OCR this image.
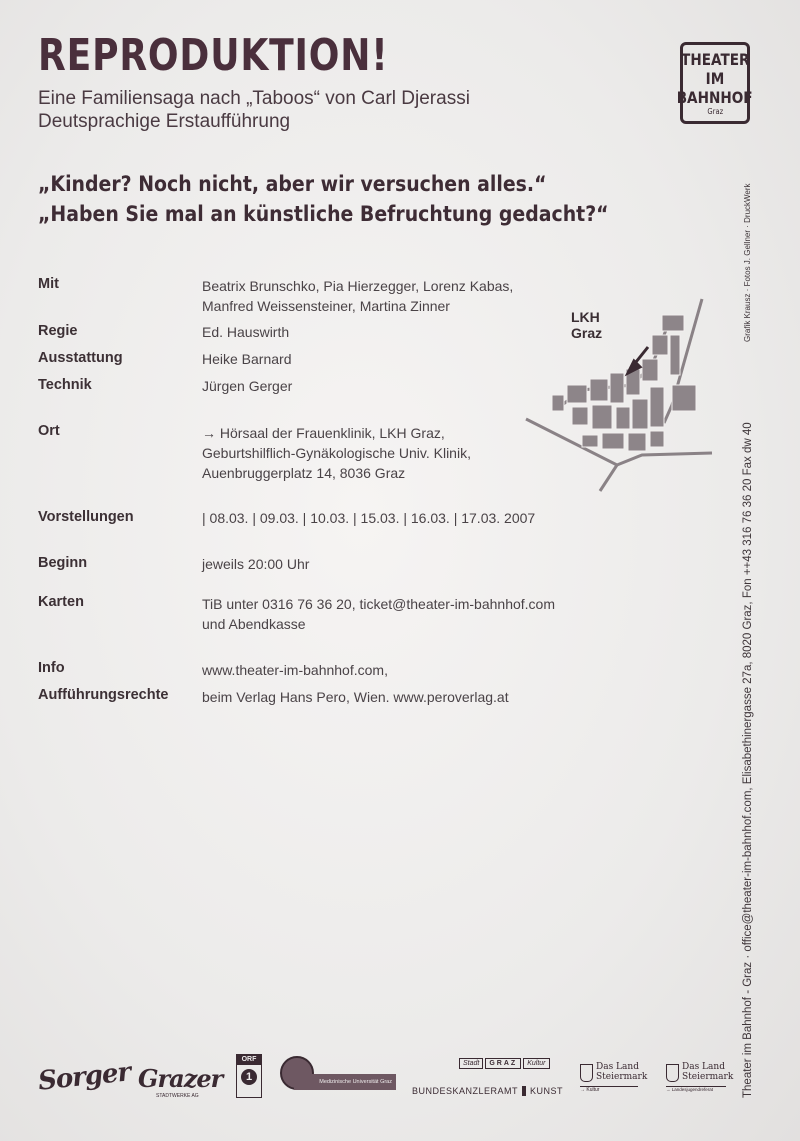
REPRODUKTION!
Eine Familiensaga nach „Taboos“ von Carl Djerassi
Deutsprachige Erstaufführung
THEATER
IM
BAHNHOF
Graz
„Kinder? Noch nicht, aber wir versuchen alles.“
„Haben Sie mal an künstliche Befruchtung gedacht?“
Mit	Beatrix Brunschko, Pia Hierzegger, Lorenz Kabas,
Manfred Weissensteiner, Martina Zinner
Regie	Ed. Hauswirth
Ausstattung	Heike Barnard
Technik	Jürgen Gerger
Ort	→ Hörsaal der Frauenklinik, LKH Graz,
Geburtshilflich-Gynäkologische Univ. Klinik,
Auenbruggerplatz 14, 8036 Graz
Vorstellungen	| 08.03. | 09.03. | 10.03. | 15.03. | 16.03. | 17.03. 2007
Beginn	jeweils 20:00 Uhr
Karten	TiB unter 0316 76 36 20, ticket@theater-im-bahnhof.com
und Abendkasse
Info	www.theater-im-bahnhof.com,
Aufführungsrechte beim Verlag Hans Pero, Wien. www.peroverlag.at
LKH
Graz	Grafik Krausz · Fotos J. Gellner · DruckWerk
Theater im Bahnhof - Graz · office@theater-im-bahnhof.com, Elisabethinergasse 27a, 8020 Graz, Fon ++43 316 76 36 20 Fax dw 40
Sorger Grazer
STADTWERKE AG
ORF
1	Medizinische Universität Graz
Stadt	GRAZ	Kultur
BUNDESKANZLERAMT KUNST
Das Land
Steiermark
→ Kultur
Das Land
Steiermark
→ Landesjugendreferat
